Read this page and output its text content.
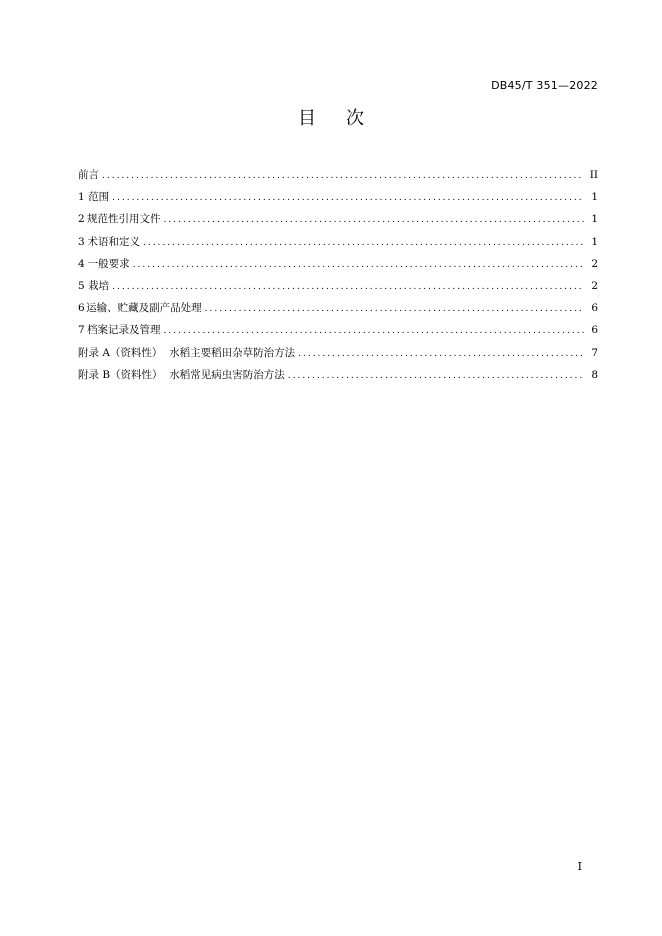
DB45/T 351—2022
目次
前言 .....	II
1 范围 .....	1
2 规范性引用文件 .....	1
3 术语和定义 .....	1
4 一般要求 .....	2
5 栽培 .....	2
6 运输、贮藏及副产品处理 .....	6
7 档案记录及管理 .....	6
附录 A（资料性）  水稻主要稻田杂草防治方法 .....	7
附录 B（资料性）  水稻常见病虫害防治方法 .....	8
I
